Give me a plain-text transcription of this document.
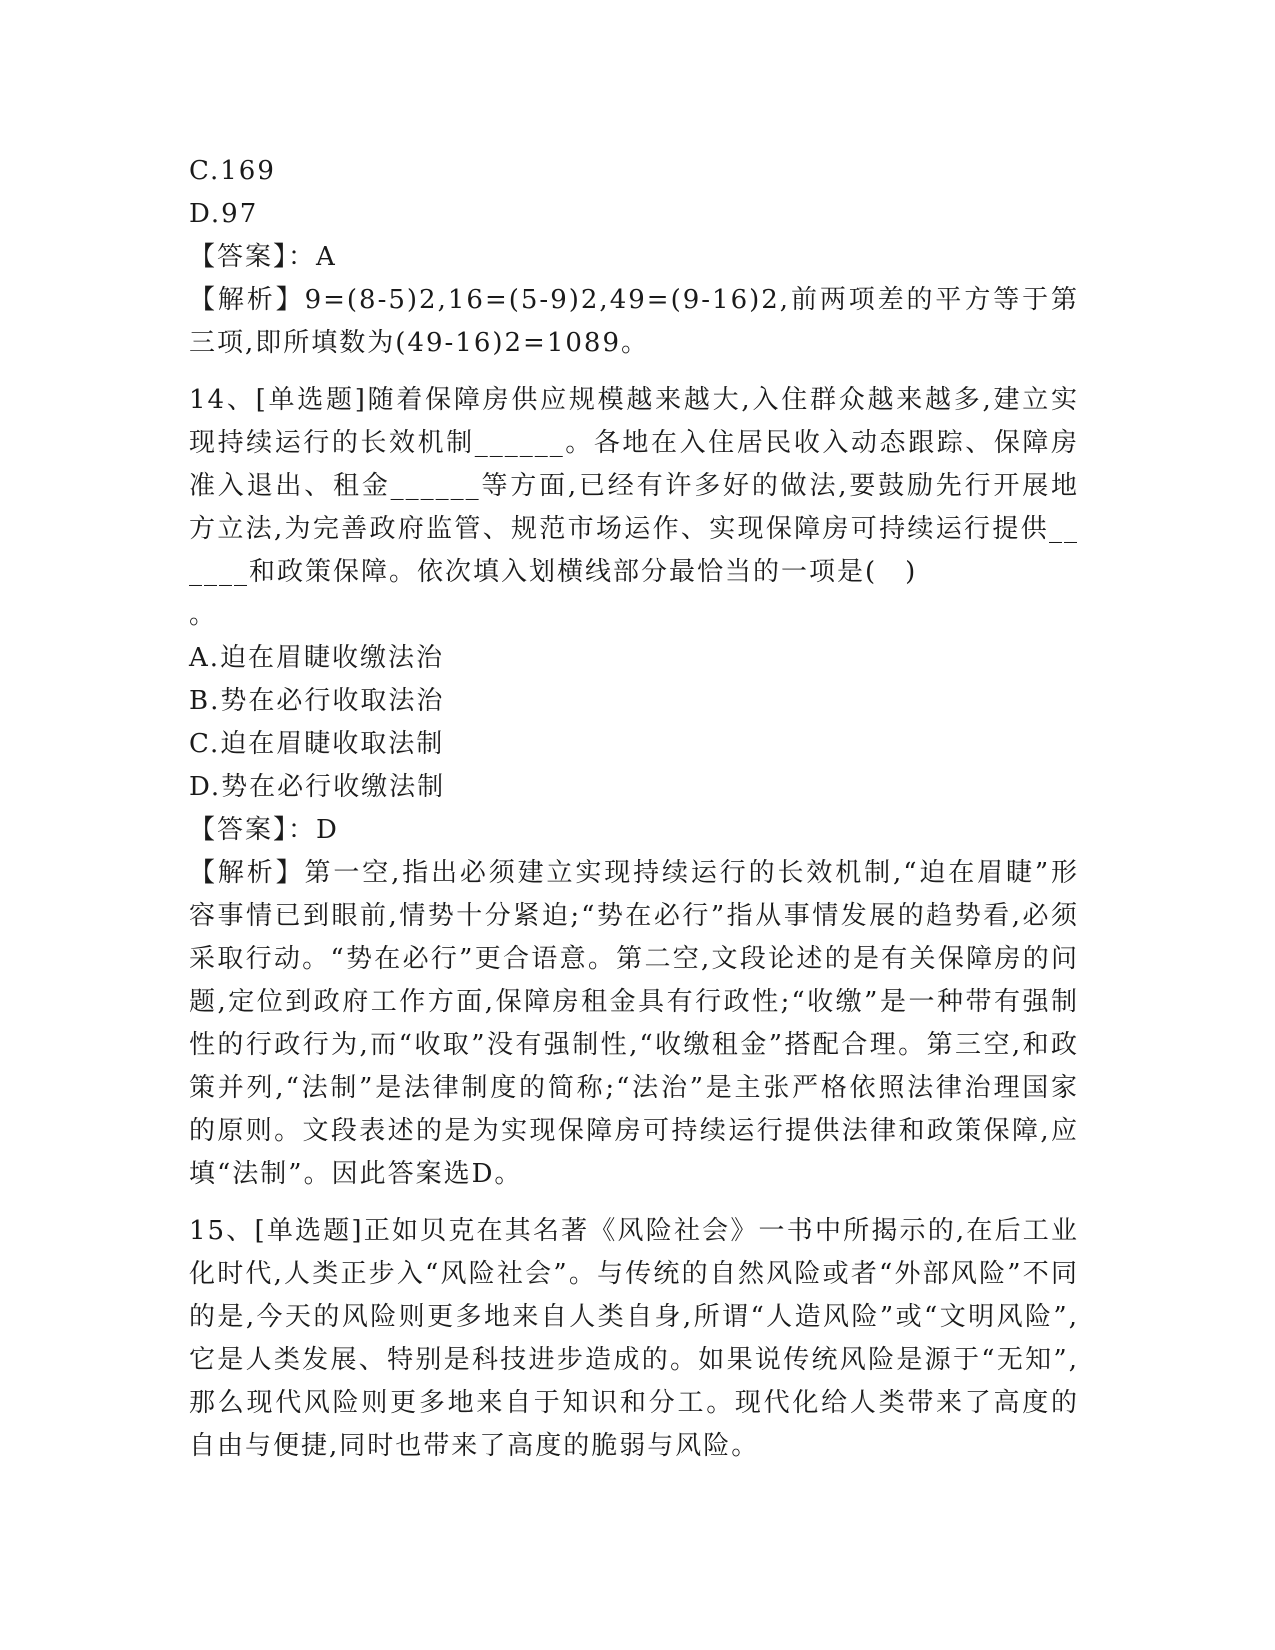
C.169
D.97
【答案】：A
【解析】9=(8-5)2,16=(5-9)2,49=(9-16)2,前两项差的平方等于第三项,即所填数为(49-16)2=1089。
14、[单选题]随着保障房供应规模越来越大,入住群众越来越多,建立实现持续运行的长效机制______。各地在入住居民收入动态跟踪、保障房准入退出、租金______等方面,已经有许多好的做法,要鼓励先行开展地方立法,为完善政府监管、规范市场运作、实现保障房可持续运行提供______和政策保障。依次填入划横线部分最恰当的一项是(　)
。
A.迫在眉睫收缴法治
B.势在必行收取法治
C.迫在眉睫收取法制
D.势在必行收缴法制
【答案】：D
【解析】第一空,指出必须建立实现持续运行的长效机制,“迫在眉睫”形容事情已到眼前,情势十分紧迫;“势在必行”指从事情发展的趋势看,必须采取行动。“势在必行”更合语意。第二空,文段论述的是有关保障房的问题,定位到政府工作方面,保障房租金具有行政性;“收缴”是一种带有强制性的行政行为,而“收取”没有强制性,“收缴租金”搭配合理。第三空,和政策并列,“法制”是法律制度的简称;“法治”是主张严格依照法律治理国家的原则。文段表述的是为实现保障房可持续运行提供法律和政策保障,应填“法制”。因此答案选D。
15、[单选题]正如贝克在其名著《风险社会》一书中所揭示的,在后工业化时代,人类正步入“风险社会”。与传统的自然风险或者“外部风险”不同的是,今天的风险则更多地来自人类自身,所谓“人造风险”或“文明风险”,它是人类发展、特别是科技进步造成的。如果说传统风险是源于“无知”,那么现代风险则更多地来自于知识和分工。现代化给人类带来了高度的自由与便捷,同时也带来了高度的脆弱与风险。
